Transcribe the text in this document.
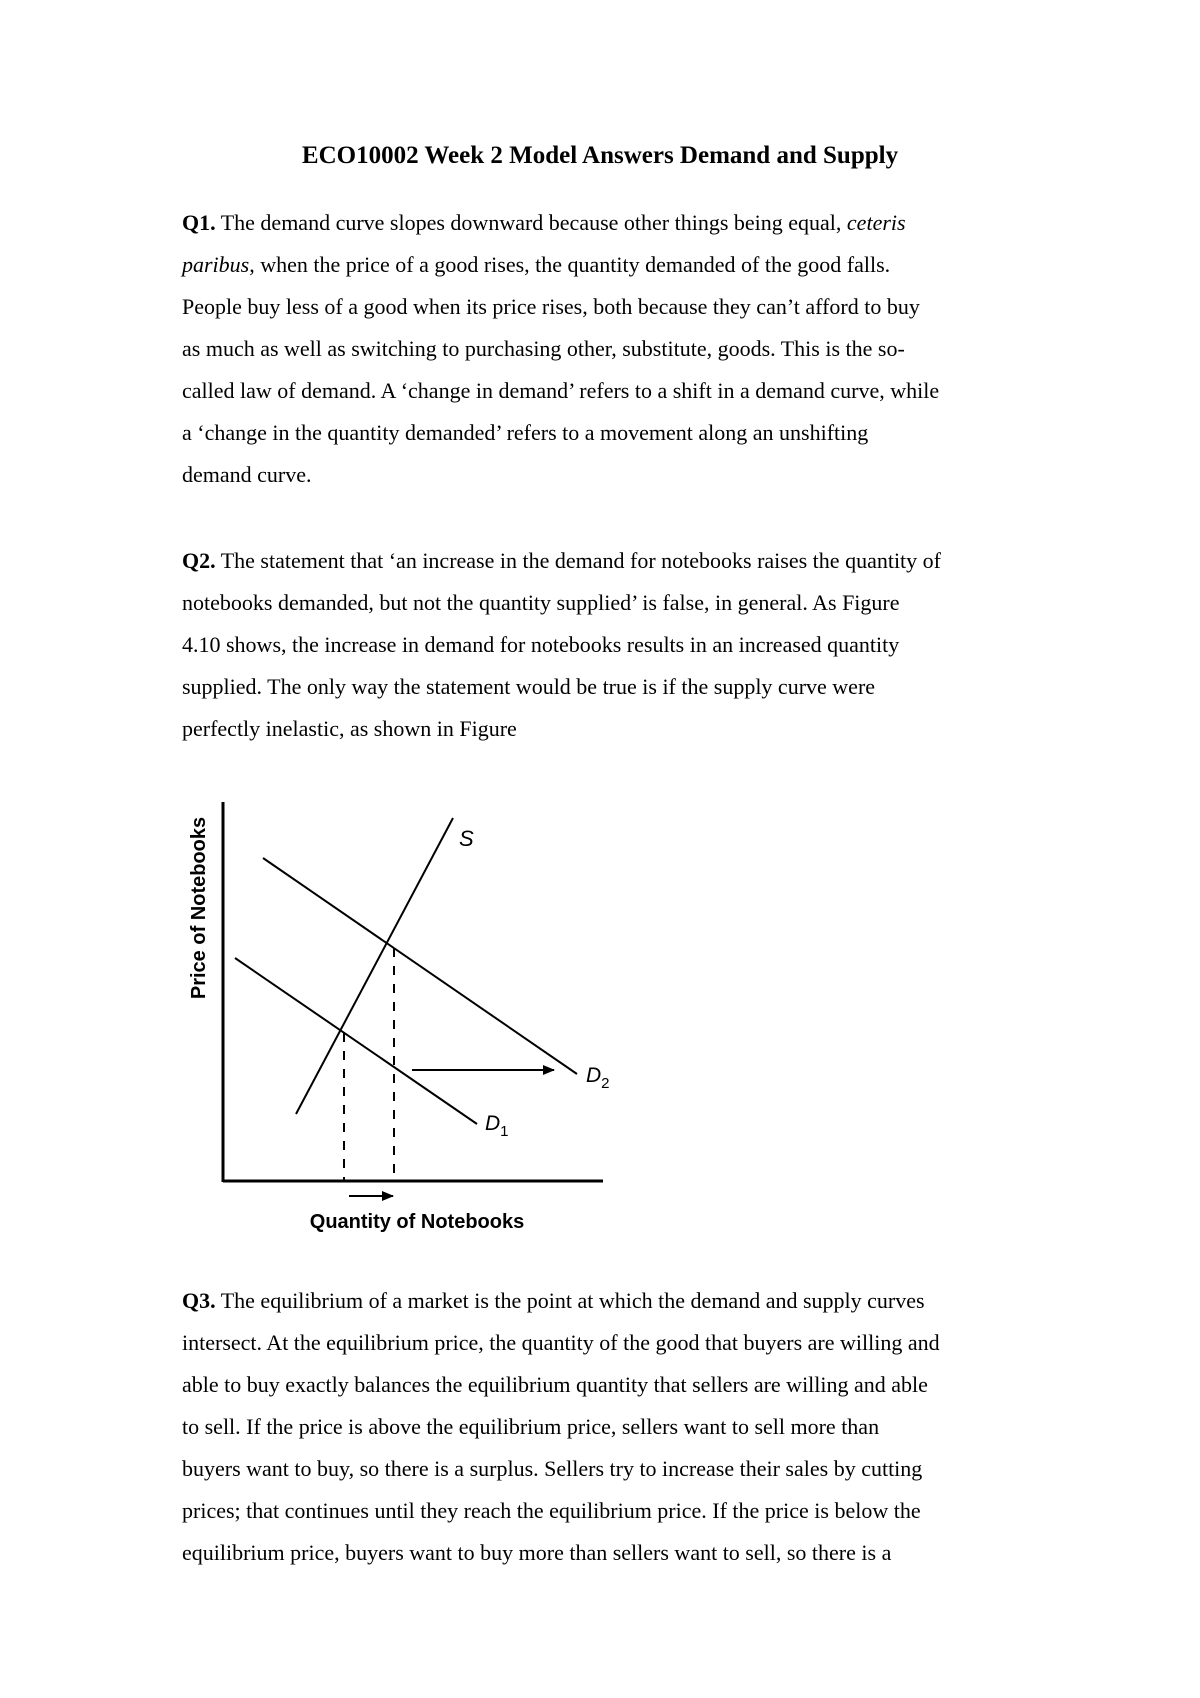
ECO10002 Week 2 Model Answers Demand and Supply
Q1. The demand curve slopes downward because other things being equal, ceteris
paribus, when the price of a good rises, the quantity demanded of the good falls.
People buy less of a good when its price rises, both because they can’t afford to buy
as much as well as switching to purchasing other, substitute, goods. This is the so-
called law of demand. A ‘change in demand’ refers to a shift in a demand curve, while
a ‘change in the quantity demanded’ refers to a movement along an unshifting
demand curve.
Q2. The statement that ‘an increase in the demand for notebooks raises the quantity of
notebooks demanded, but not the quantity supplied’ is false, in general. As Figure
4.10 shows, the increase in demand for notebooks results in an increased quantity
supplied. The only way the statement would be true is if the supply curve were
perfectly inelastic, as shown in Figure
S
$D_2$
$D_1$
Price of Notebooks
Quantity of Notebooks
Q3. The equilibrium of a market is the point at which the demand and supply curves
intersect. At the equilibrium price, the quantity of the good that buyers are willing and
able to buy exactly balances the equilibrium quantity that sellers are willing and able
to sell. If the price is above the equilibrium price, sellers want to sell more than
buyers want to buy, so there is a surplus. Sellers try to increase their sales by cutting
prices; that continues until they reach the equilibrium price. If the price is below the
equilibrium price, buyers want to buy more than sellers want to sell, so there is a
